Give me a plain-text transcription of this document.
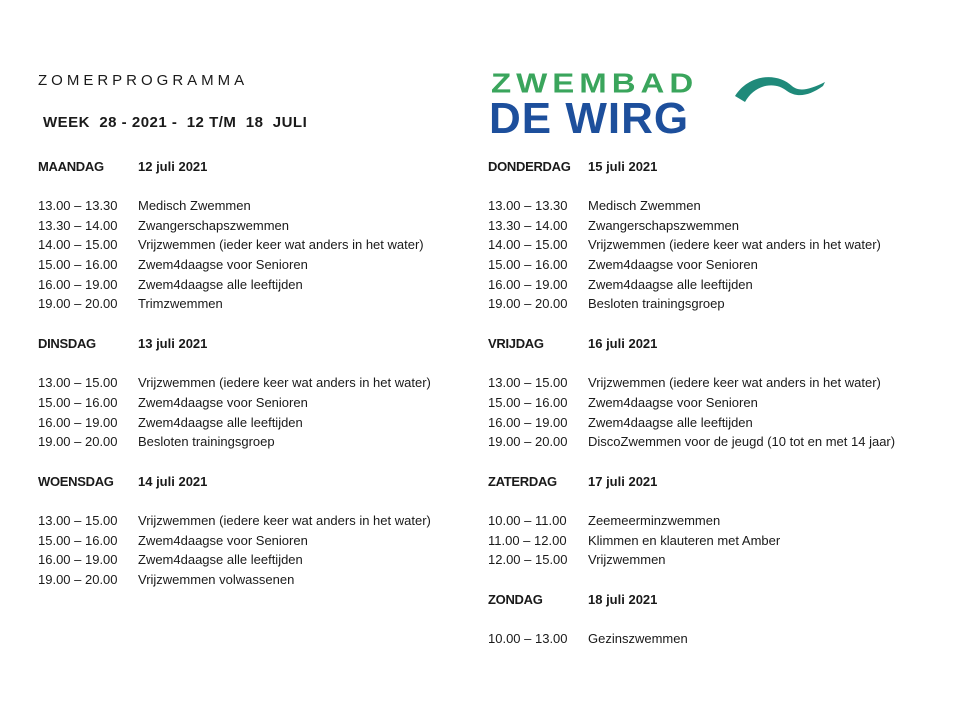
ZOMERPROGRAMMA
WEEK  28 - 2021 -  12 T/M  18  JULI
ZWEMBAD
DE WIRG
MAANDAG	12 juli 2021
13.00 – 13.30	Medisch Zwemmen
13.30 – 14.00	Zwangerschapszwemmen
14.00 – 15.00	Vrijzwemmen (ieder keer wat anders in het water)
15.00 – 16.00	Zwem4daagse voor Senioren
16.00 – 19.00	Zwem4daagse alle leeftijden
19.00 – 20.00	Trimzwemmen
DINSDAG	13 juli 2021
13.00 – 15.00	Vrijzwemmen (iedere keer wat anders in het water)
15.00 – 16.00	Zwem4daagse voor Senioren
16.00 – 19.00	Zwem4daagse alle leeftijden
19.00 – 20.00	Besloten trainingsgroep
WOENSDAG	14 juli 2021
13.00 – 15.00	Vrijzwemmen (iedere keer wat anders in het water)
15.00 – 16.00	Zwem4daagse voor Senioren
16.00 – 19.00	Zwem4daagse alle leeftijden
19.00 – 20.00	Vrijzwemmen volwassenen
DONDERDAG	15 juli 2021
13.00 – 13.30	Medisch Zwemmen
13.30 – 14.00	Zwangerschapszwemmen
14.00 – 15.00	Vrijzwemmen (iedere keer wat anders in het water)
15.00 – 16.00	Zwem4daagse voor Senioren
16.00 – 19.00	Zwem4daagse alle leeftijden
19.00 – 20.00	Besloten trainingsgroep
VRIJDAG	16 juli 2021
13.00 – 15.00	Vrijzwemmen (iedere keer wat anders in het water)
15.00 – 16.00	Zwem4daagse voor Senioren
16.00 – 19.00	Zwem4daagse alle leeftijden
19.00 – 20.00	DiscoZwemmen voor de jeugd (10 tot en met 14 jaar)
ZATERDAG	17 juli 2021
10.00 – 11.00	Zeemeerminzwemmen
11.00 – 12.00	Klimmen en klauteren met Amber
12.00 – 15.00	Vrijzwemmen
ZONDAG	18 juli 2021
10.00 – 13.00	Gezinszwemmen
